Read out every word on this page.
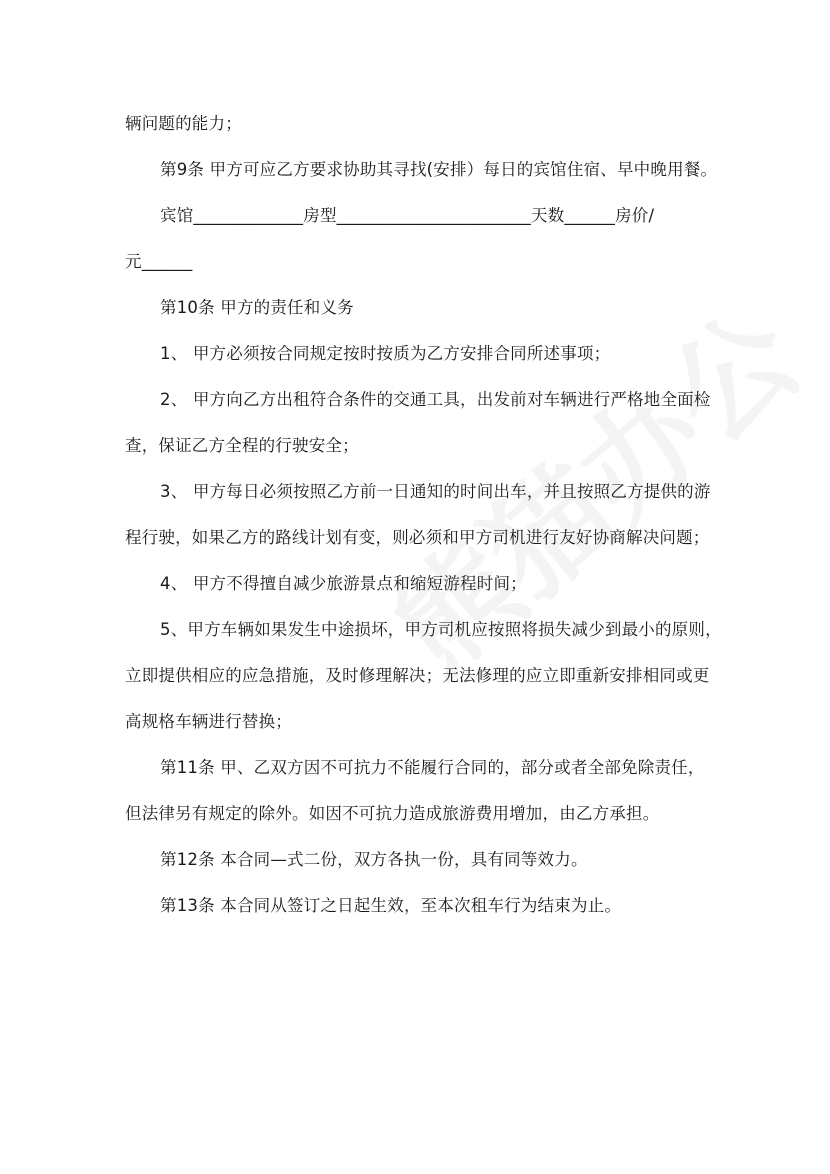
辆问题的能力；
第9条 甲方可应乙方要求协助其寻找(安排）每日的宾馆住宿、早中晚用餐。
宾馆_____________房型_______________________天数______房价/
元______
第10条 甲方的责任和义务
1、 甲方必须按合同规定按时按质为乙方安排合同所述事项；
2、 甲方向乙方出租符合条件的交通工具，出发前对车辆进行严格地全面检
查，保证乙方全程的行驶安全；
3、 甲方每日必须按照乙方前一日通知的时间出车，并且按照乙方提供的游
程行驶，如果乙方的路线计划有变，则必须和甲方司机进行友好协商解决问题；
4、 甲方不得擅自减少旅游景点和缩短游程时间；
5、甲方车辆如果发生中途损坏，甲方司机应按照将损失减少到最小的原则，
立即提供相应的应急措施，及时修理解决；无法修理的应立即重新安排相同或更
高规格车辆进行替换；
第11条 甲、乙双方因不可抗力不能履行合同的，部分或者全部免除责任，
但法律另有规定的除外。如因不可抗力造成旅游费用增加，由乙方承担。
第12条 本合同—式二份，双方各执一份，具有同等效力。
第13条 本合同从签订之日起生效，至本次租车行为结束为止。
